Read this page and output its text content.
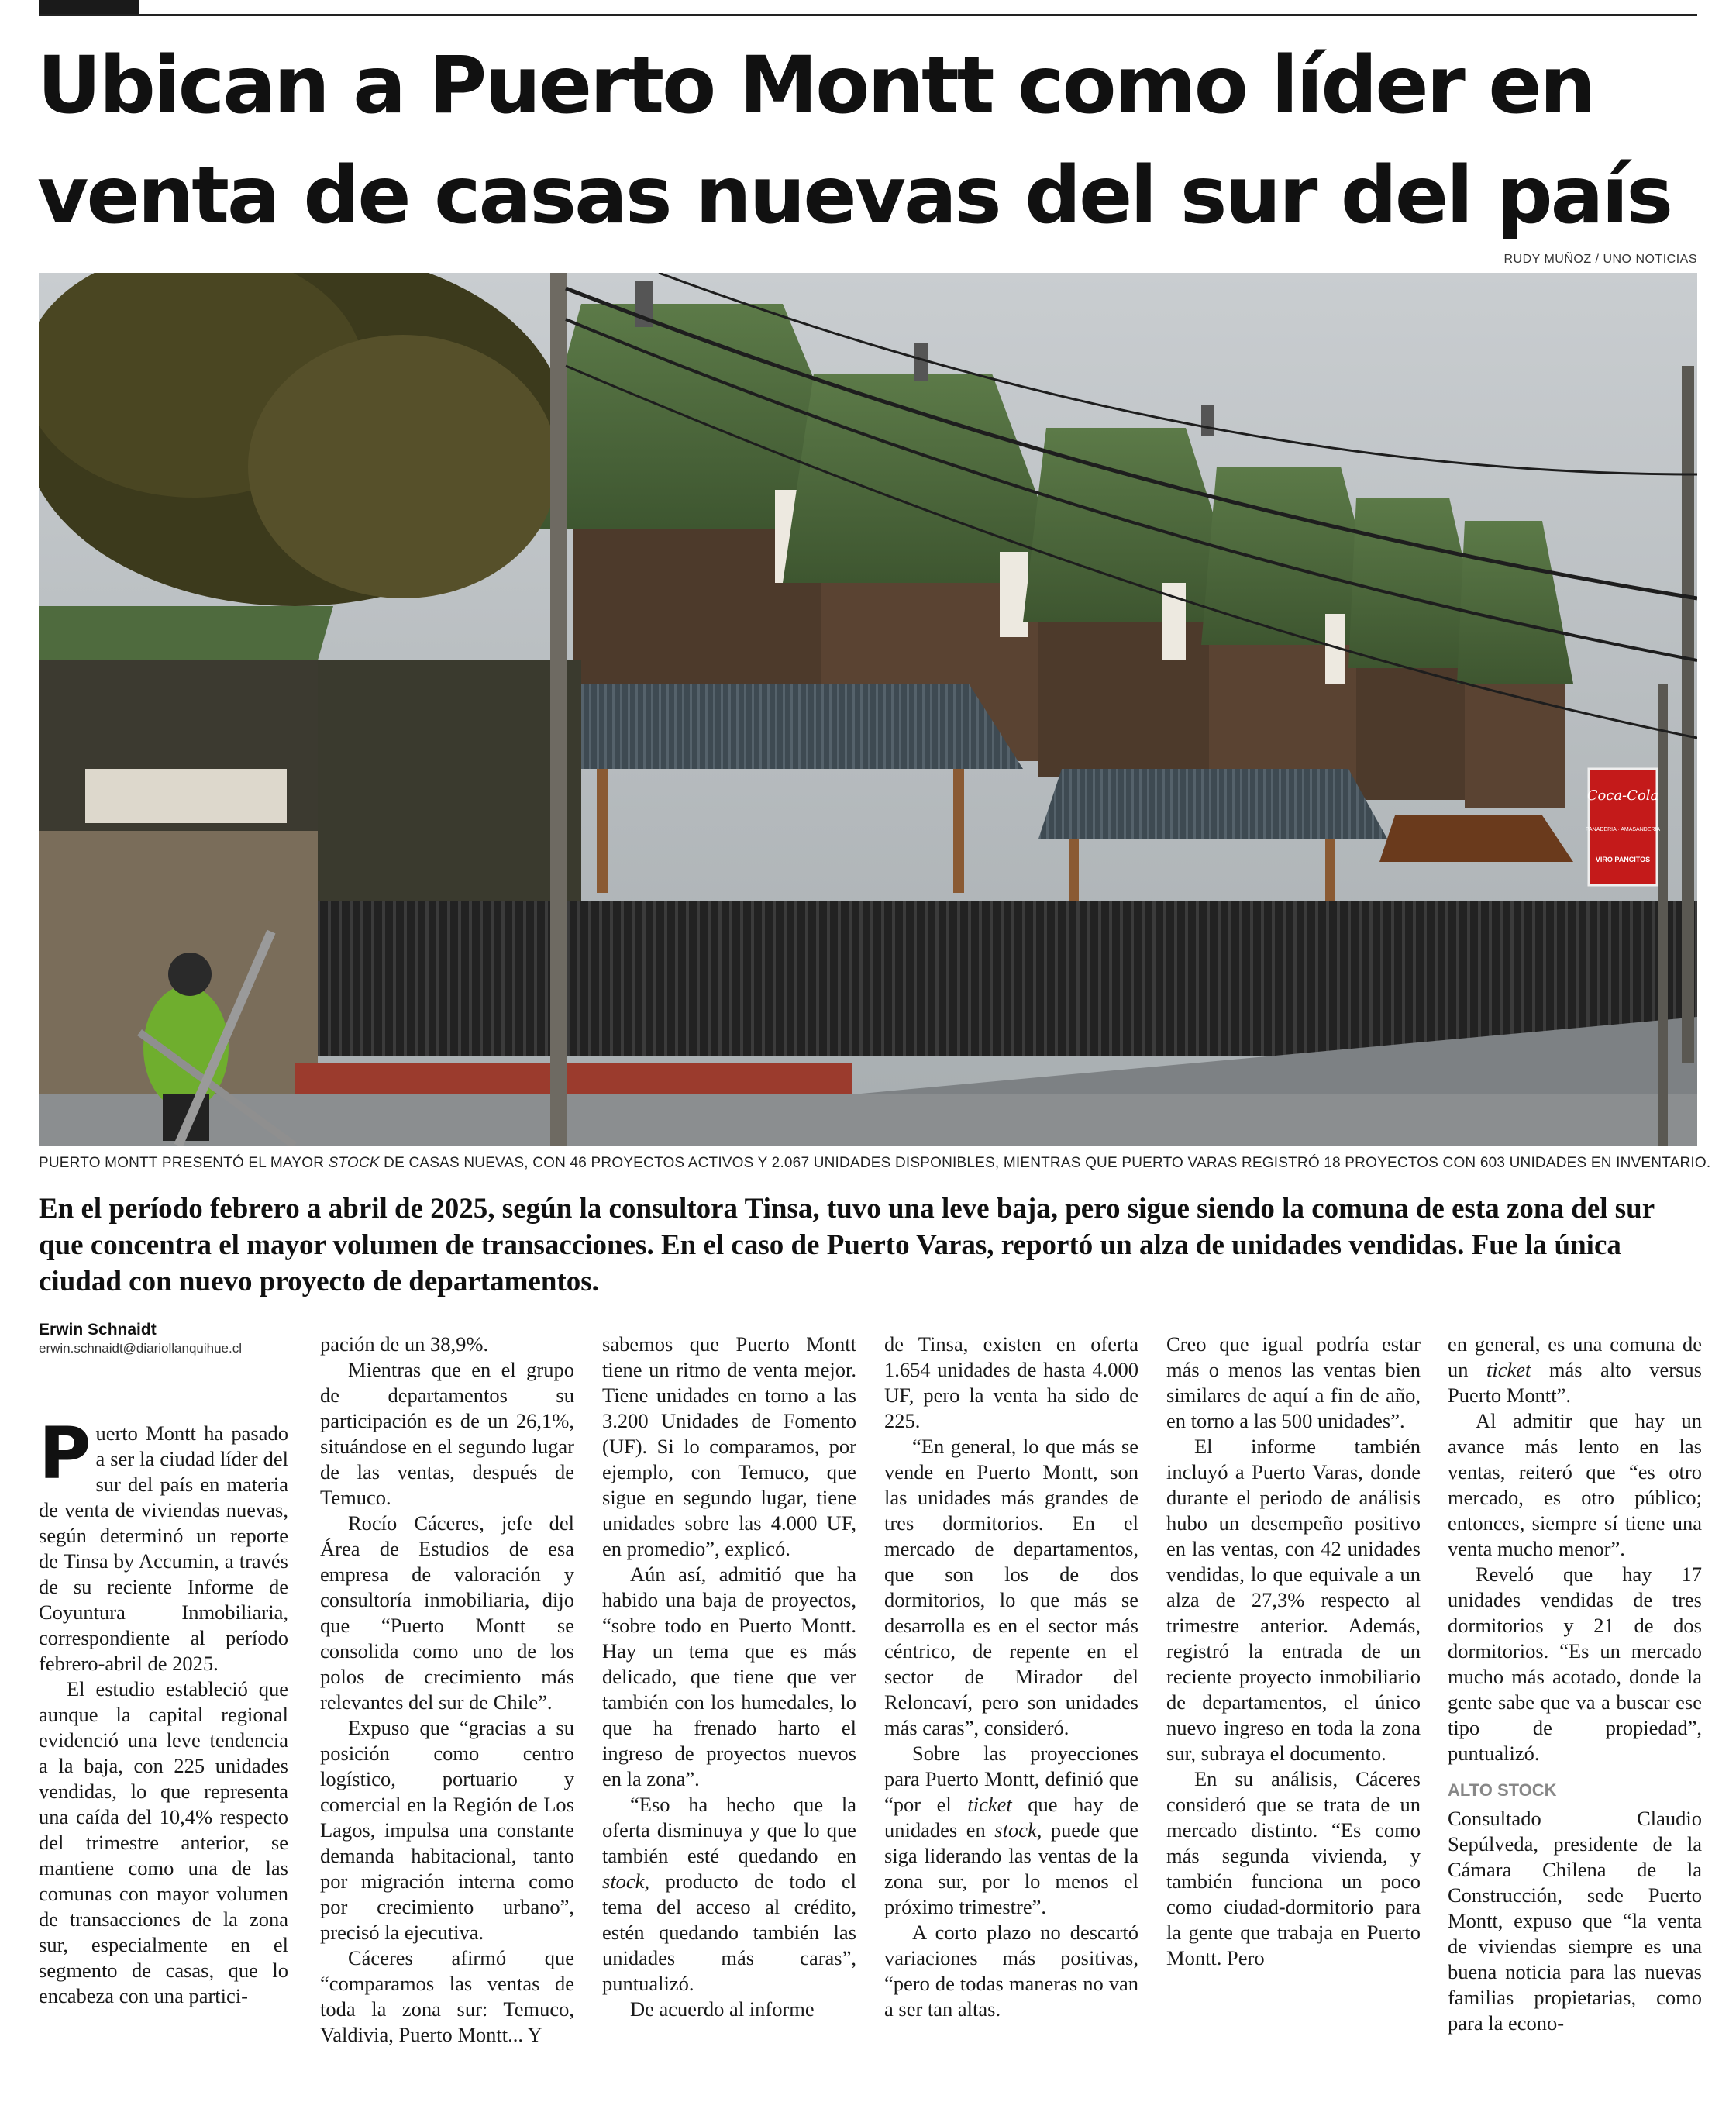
Ubican a Puerto Montt como líder en venta de casas nuevas del sur del país
RUDY MUÑOZ / UNO NOTICIAS
Coca-Cola
PANADERIA · AMASANDERIA
VIRO PANCITOS
PUERTO MONTT PRESENTÓ EL MAYOR STOCK DE CASAS NUEVAS, CON 46 PROYECTOS ACTIVOS Y 2.067 UNIDADES DISPONIBLES, MIENTRAS QUE PUERTO VARAS REGISTRÓ 18 PROYECTOS CON 603 UNIDADES EN INVENTARIO.

En el período febrero a abril de 2025, según la consultora Tinsa, tuvo una leve baja, pero sigue siendo la comuna de esta zona del sur que concentra el mayor volumen de transacciones. En el caso de Puerto Varas, reportó un alza de unidades vendidas. Fue la única ciudad con nuevo proyecto de departamentos.

Erwin Schnaidt
erwin.schnaidt@diariollanquihue.cl

Puerto Montt ha pasado a ser la ciudad líder del sur del país en materia de venta de viviendas nuevas, según determinó un reporte de Tinsa by Accumin, a través de su reciente Informe de Coyuntura Inmobiliaria, correspondiente al período febrero-abril de 2025.

El estudio estableció que aunque la capital regional evidenció una leve tendencia a la baja, con 225 unidades vendidas, lo que representa una caída del 10,4% respecto del trimestre anterior, se mantiene como una de las comunas con mayor volumen de transacciones de la zona sur, especialmente en el segmento de casas, que lo encabeza con una partici-

pación de un 38,9%.

Mientras que en el grupo de departamentos su participación es de un 26,1%, situándose en el segundo lugar de las ventas, después de Temuco.

Rocío Cáceres, jefe del Área de Estudios de esa empresa de valoración y consultoría inmobiliaria, dijo que “Puerto Montt se consolida como uno de los polos de crecimiento más relevantes del sur de Chile”.

Expuso que “gracias a su posición como centro logístico, portuario y comercial en la Región de Los Lagos, impulsa una constante demanda habitacional, tanto por migración interna como por crecimiento urbano”, precisó la ejecutiva.

Cáceres afirmó que “comparamos las ventas de toda la zona sur: Temuco, Valdivia, Puerto Montt... Y

sabemos que Puerto Montt tiene un ritmo de venta mejor. Tiene unidades en torno a las 3.200 Unidades de Fomento (UF). Si lo comparamos, por ejemplo, con Temuco, que sigue en segundo lugar, tiene unidades sobre las 4.000 UF, en promedio”, explicó.

Aún así, admitió que ha habido una baja de proyectos, “sobre todo en Puerto Montt. Hay un tema que es más delicado, que tiene que ver también con los humedales, lo que ha frenado harto el ingreso de proyectos nuevos en la zona”.

“Eso ha hecho que la oferta disminuya y que lo que también esté quedando en stock, producto de todo el tema del acceso al crédito, estén quedando también las unidades más caras”, puntualizó.

De acuerdo al informe

de Tinsa, existen en oferta 1.654 unidades de hasta 4.000 UF, pero la venta ha sido de 225.

“En general, lo que más se vende en Puerto Montt, son las unidades más grandes de tres dormitorios. En el mercado de departamentos, que son los de dos dormitorios, lo que más se desarrolla es en el sector más céntrico, de repente en el sector de Mirador del Reloncaví, pero son unidades más caras”, consideró.

Sobre las proyecciones para Puerto Montt, definió que “por el ticket que hay de unidades en stock, puede que siga liderando las ventas de la zona sur, por lo menos el próximo trimestre”.

A corto plazo no descartó variaciones más positivas, “pero de todas maneras no van a ser tan altas.

Creo que igual podría estar más o menos las ventas bien similares de aquí a fin de año, en torno a las 500 unidades”.

El informe también incluyó a Puerto Varas, donde durante el periodo de análisis hubo un desempeño positivo en las ventas, con 42 unidades vendidas, lo que equivale a un alza de 27,3% respecto al trimestre anterior. Además, registró la entrada de un reciente proyecto inmobiliario de departamentos, el único nuevo ingreso en toda la zona sur, subraya el documento.

En su análisis, Cáceres consideró que se trata de un mercado distinto. “Es como más segunda vivienda, y también funciona un poco como ciudad-dormitorio para la gente que trabaja en Puerto Montt. Pero

en general, es una comuna de un ticket más alto versus Puerto Montt”.

Al admitir que hay un avance más lento en las ventas, reiteró que “es otro mercado, es otro público; entonces, siempre sí tiene una venta mucho menor”.

Reveló que hay 17 unidades vendidas de tres dormitorios y 21 de dos dormitorios. “Es un mercado mucho más acotado, donde la gente sabe que va a buscar ese tipo de propiedad”, puntualizó.

ALTO STOCK

Consultado Claudio Sepúlveda, presidente de la Cámara Chilena de la Construcción, sede Puerto Montt, expuso que “la venta de viviendas siempre es una buena noticia para las nuevas familias propietarias, como para la econo-
